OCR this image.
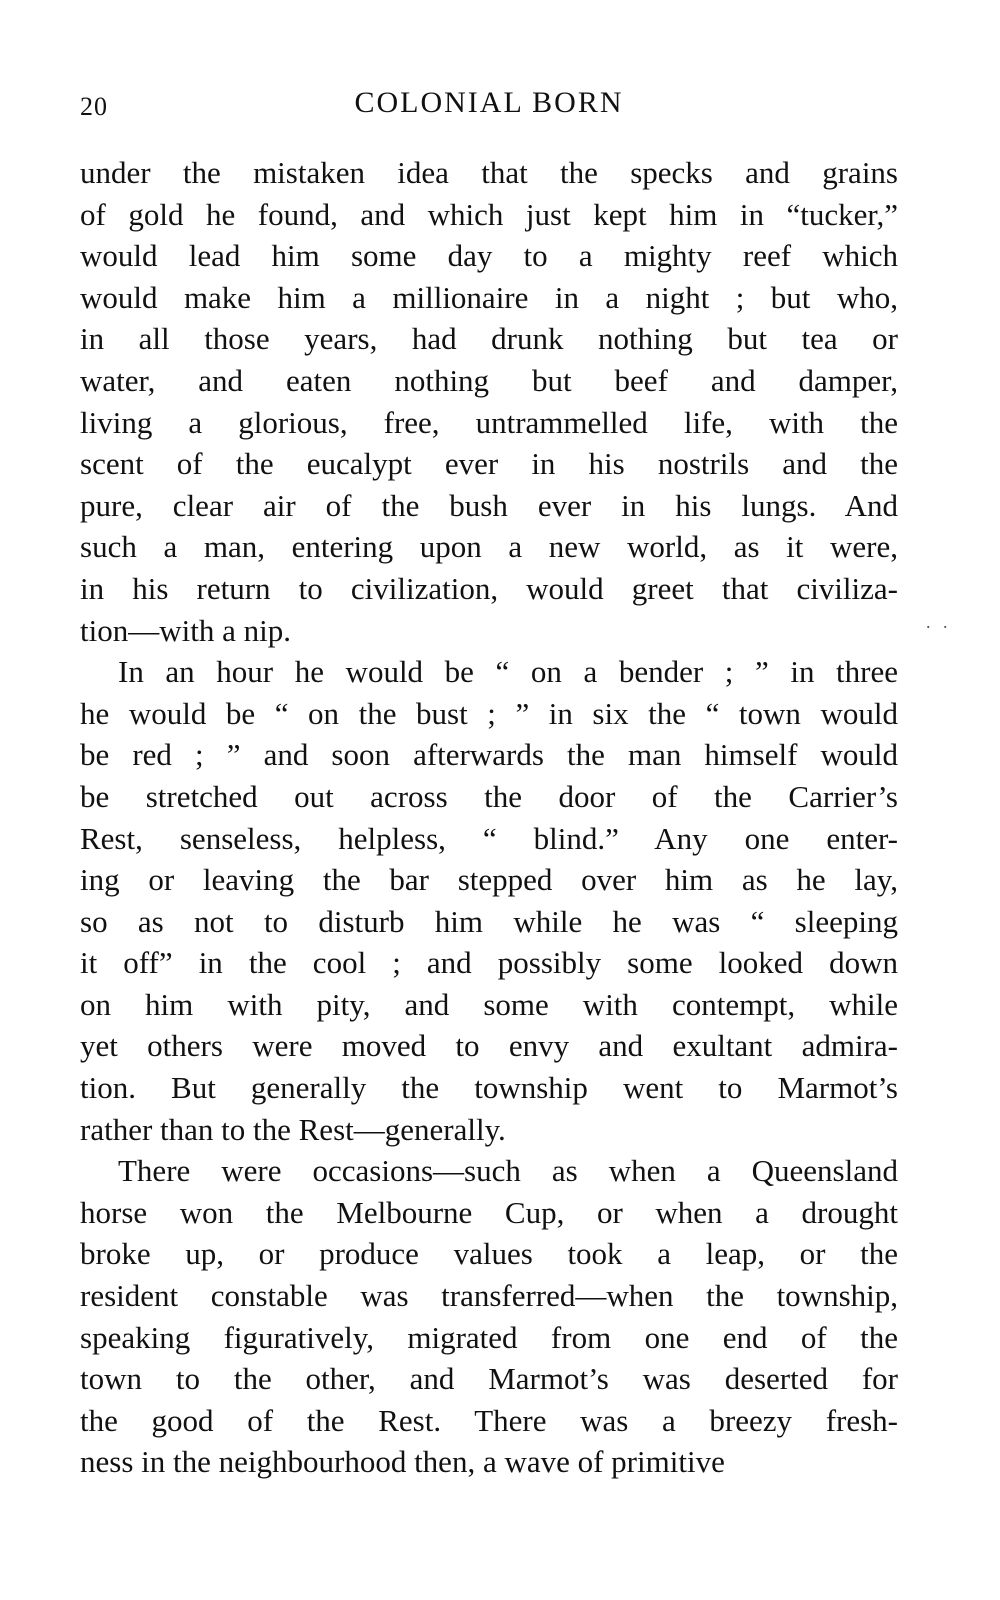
20	COLONIAL BORN
under the mistaken idea that the specks and grains
of gold he found, and which just kept him in “tucker,”
would lead him some day to a mighty reef which
would make him a millionaire in a night ; but who,
in all those years, had drunk nothing but tea or
water, and eaten nothing but beef and damper,
living a glorious, free, untrammelled life, with the
scent of the eucalypt ever in his nostrils and the
pure, clear air of the bush ever in his lungs. And
such a man, entering upon a new world, as it were,
in his return to civilization, would greet that civiliza-
tion—with a nip.
In an hour he would be “ on a bender ; ” in three
he would be “ on the bust ; ” in six the “ town would
be red ; ” and soon afterwards the man himself would
be stretched out across the door of the Carrier’s
Rest, senseless, helpless, “ blind.” Any one enter-
ing or leaving the bar stepped over him as he lay,
so as not to disturb him while he was “ sleeping
it off” in the cool ; and possibly some looked down
on him with pity, and some with contempt, while
yet others were moved to envy and exultant admira-
tion. But generally the township went to Marmot’s
rather than to the Rest—generally.
There were occasions—such as when a Queensland
horse won the Melbourne Cup, or when a drought
broke up, or produce values took a leap, or the
resident constable was transferred—when the township,
speaking figuratively, migrated from one end of the
town to the other, and Marmot’s was deserted for
the good of the Rest. There was a breezy fresh-
ness in the neighbourhood then, a wave of primitive
. .
